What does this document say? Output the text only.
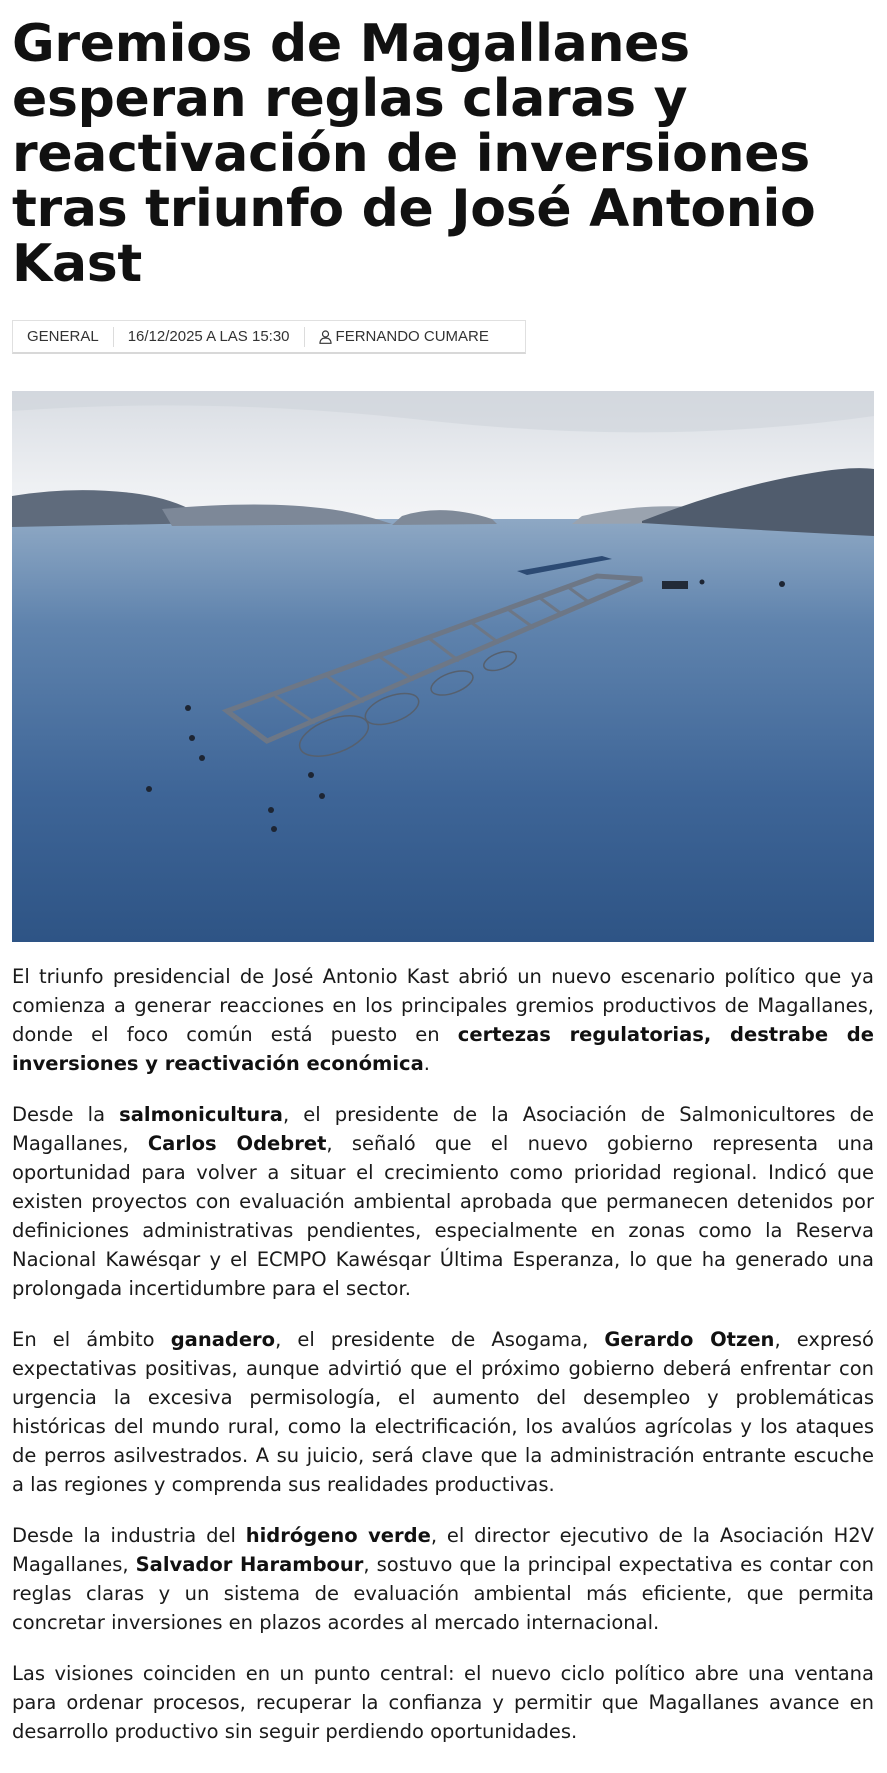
Gremios de Magallanes esperan reglas claras y reactivación de inversiones tras triunfo de José Antonio Kast
GENERAL	16/12/2025 A LAS 15:30	FERNANDO CUMARE

El triunfo presidencial de José Antonio Kast abrió un nuevo escenario político que ya comienza a generar reacciones en los principales gremios productivos de Magallanes, donde el foco común está puesto en certezas regulatorias, destrabe de inversiones y reactivación económica.

Desde la salmonicultura, el presidente de la Asociación de Salmonicultores de Magallanes, Carlos Odebret, señaló que el nuevo gobierno representa una oportunidad para volver a situar el crecimiento como prioridad regional. Indicó que existen proyectos con evaluación ambiental aprobada que permanecen detenidos por definiciones administrativas pendientes, especialmente en zonas como la Reserva Nacional Kawésqar y el ECMPO Kawésqar Última Esperanza, lo que ha generado una prolongada incertidumbre para el sector.

En el ámbito ganadero, el presidente de Asogama, Gerardo Otzen, expresó expectativas positivas, aunque advirtió que el próximo gobierno deberá enfrentar con urgencia la excesiva permisología, el aumento del desempleo y problemáticas históricas del mundo rural, como la electrificación, los avalúos agrícolas y los ataques de perros asilvestrados. A su juicio, será clave que la administración entrante escuche a las regiones y comprenda sus realidades productivas.

Desde la industria del hidrógeno verde, el director ejecutivo de la Asociación H2V Magallanes, Salvador Harambour, sostuvo que la principal expectativa es contar con reglas claras y un sistema de evaluación ambiental más eficiente, que permita concretar inversiones en plazos acordes al mercado internacional.

Las visiones coinciden en un punto central: el nuevo ciclo político abre una ventana para ordenar procesos, recuperar la confianza y permitir que Magallanes avance en desarrollo productivo sin seguir perdiendo oportunidades.
